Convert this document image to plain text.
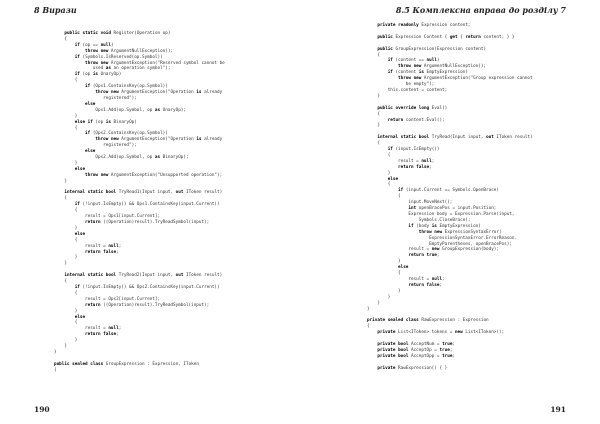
8 Вирази
public static void Register(Operation op)
{
if (op == null)
throw new ArgumentNullException();
if (Symbols.IsReserved(op.Symbol))
throw new ArgumentException("Reserved symbol cannot be
used as an operation symbol");
if (op is UnaryOp)
{
if (Ops1.ContainsKey(op.Symbol))
throw new ArgumentException("Operation is already
registered");
else
Ops1.Add(op.Symbol, op as UnaryOp);
}
else if (op is BinaryOp)
{
if (Ops2.ContainsKey(op.Symbol))
throw new ArgumentException("Operation is already
registered");
else
Ops2.Add(op.Symbol, op as BinaryOp);
}
else
throw new ArgumentException("Unsupported operation");
}

internal static bool TryRead1(Input input, out IToken result)
{
if (!input.IsEmpty() && Ops1.ContainsKey(input.Current))
{
result = Ops1[input.Current];
return ((Operation)result).TryReadSymbol(input);
}
else
{
result = null;
return false;
}
}

internal static bool TryRead2(Input input, out IToken result)
{
if (!input.IsEmpty() && Ops2.ContainsKey(input.Current))
{
result = Ops2[input.Current];
return ((Operation)result).TryReadSymbol(input);
}
else
{
result = null;
return false;
}
}
}

public sealed class GroupExpression : Expression, IToken
{

190
8.5 Комплексна вправа до розділу 7
private readonly Expression content;

public Expression Content { get { return content; } }

public GroupExpression(Expression content)
{
if (content == null)
throw new ArgumentNullException();
if (content is EmptyExpression)
throw new ArgumentException("Group expression cannot
be empty");
this.content = content;
}

public override long Eval()
{
return content.Eval();
}

internal static bool TryRead(Input input, out IToken result)
{
if (input.IsEmpty())
{
result = null;
return false;
}
else
{
if (input.Current == Symbols.OpenBrace)
{
input.MoveNext();
int openBracePos = input.Position;
Expression body = Expression.Parse(input,
Symbols.CloseBrace);
if (body is EmptyExpression)
throw new ExpressionSyntaxError(
ExpressionSyntaxError.ErrorReason.
EmptyParentheses, openBracePos);
result = new GroupExpression(body);
return true;
}
else
{
result = null;
return false;
}
}
}
}

private sealed class RawExpression : Expression
{
private List<IToken> tokens = new List<IToken>();

private bool AcceptNum = true;
private bool AcceptOp = true;
private bool AcceptOpp = true;

private RawExpression() { }

191
